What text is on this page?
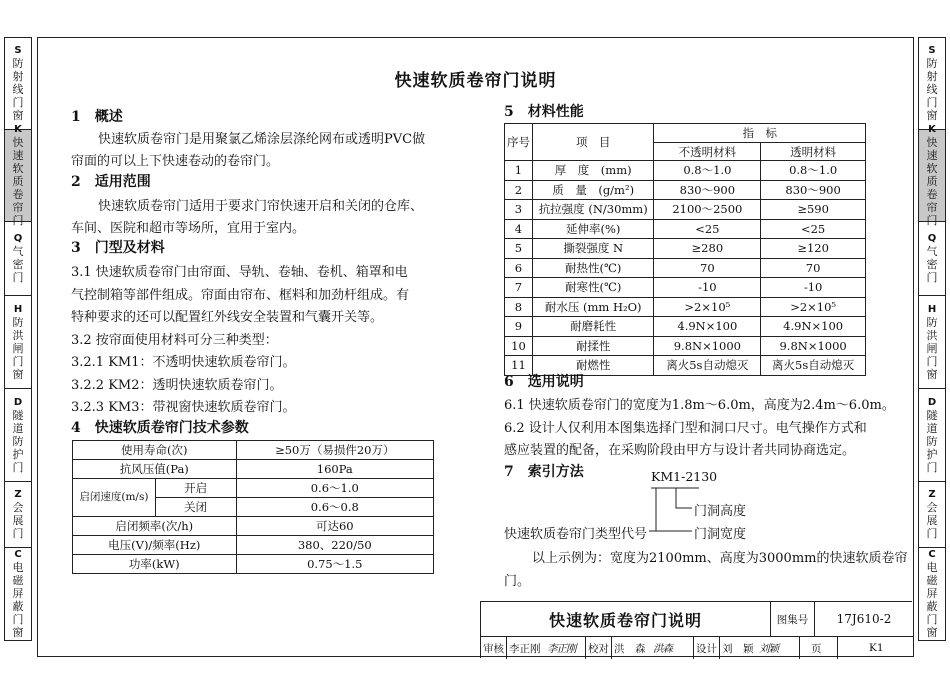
S
防
射
线
门
窗
K
快
速
软
质
卷
帘
门
Q
气
密
门
H
防
洪
闸
门
窗
D
隧
道
防
护
门
Z
会
展
门
C
电
磁
屏
蔽
门
窗
S
防
射
线
门
窗
K
快
速
软
质
卷
帘
门
Q
气
密
门
H
防
洪
闸
门
窗
D
隧
道
防
护
门
Z
会
展
门
C
电
磁
屏
蔽
门
窗
快速软质卷帘门说明
1　概述
快速软质卷帘门是用聚氯乙烯涂层涤纶网布或透明PVC做
帘面的可以上下快速卷动的卷帘门。
2　适用范围
快速软质卷帘门适用于要求门帘快速开启和关闭的仓库、
车间、医院和超市等场所，宜用于室内。
3　门型及材料
3.1 快速软质卷帘门由帘面、导轨、卷轴、卷机、箱罩和电
气控制箱等部件组成。帘面由帘布、框料和加劲杆组成。有
特种要求的还可以配置红外线安全装置和气囊开关等。
3.2 按帘面使用材料可分三种类型：
3.2.1 KM1：不透明快速软质卷帘门。
3.2.2 KM2：透明快速软质卷帘门。
3.2.3 KM3：带视窗快速软质卷帘门。
4　快速软质卷帘门技术参数
使用寿命(次)		≥50万（易损件20万）
抗风压值(Pa)		160Pa
启闭速度(m/s)	开启	0.6～1.0
	关闭	0.6～0.8
启闭频率(次/h)		可达60
电压(V)/频率(Hz)		380、220/50
功率(kW)		0.75～1.5
5　材料性能
序号	项　目	指　标	
		不透明材料	透明材料
1	厚　度　(mm)	0.8～1.0	0.8～1.0
2	质　量　(g/m²)	830～900	830～900
3	抗拉强度 (N/30mm)	2100～2500	≥590
4	延伸率(%)	<25	<25
5	撕裂强度 N	≥280	≥120
6	耐热性(℃)	70	70
7	耐寒性(℃)	-10	-10
8	耐水压 (mm H₂O)	>2×10⁵	>2×10⁵
9	耐磨耗性	4.9N×100	4.9N×100
10	耐揉性	9.8N×1000	9.8N×1000
11	耐燃性	离火5s自动熄灭	离火5s自动熄灭
6　选用说明
6.1 快速软质卷帘门的宽度为1.8m～6.0m，高度为2.4m～6.0m。
6.2 设计人仅利用本图集选择门型和洞口尺寸。电气操作方式和
感应装置的配备，在采购阶段由甲方与设计者共同协商选定。
7　索引方法	KM1-2130
门洞高度
门洞宽度
快速软质卷帘门类型代号
以上示例为：宽度为2100mm、高度为3000mm的快速软质卷帘
门。
快速软质卷帘门说明	图集号	17J610-2
审核 李正刚 李正刚 校对 洪　森 洪森 设计 刘　颖 刘颖	页	K1
